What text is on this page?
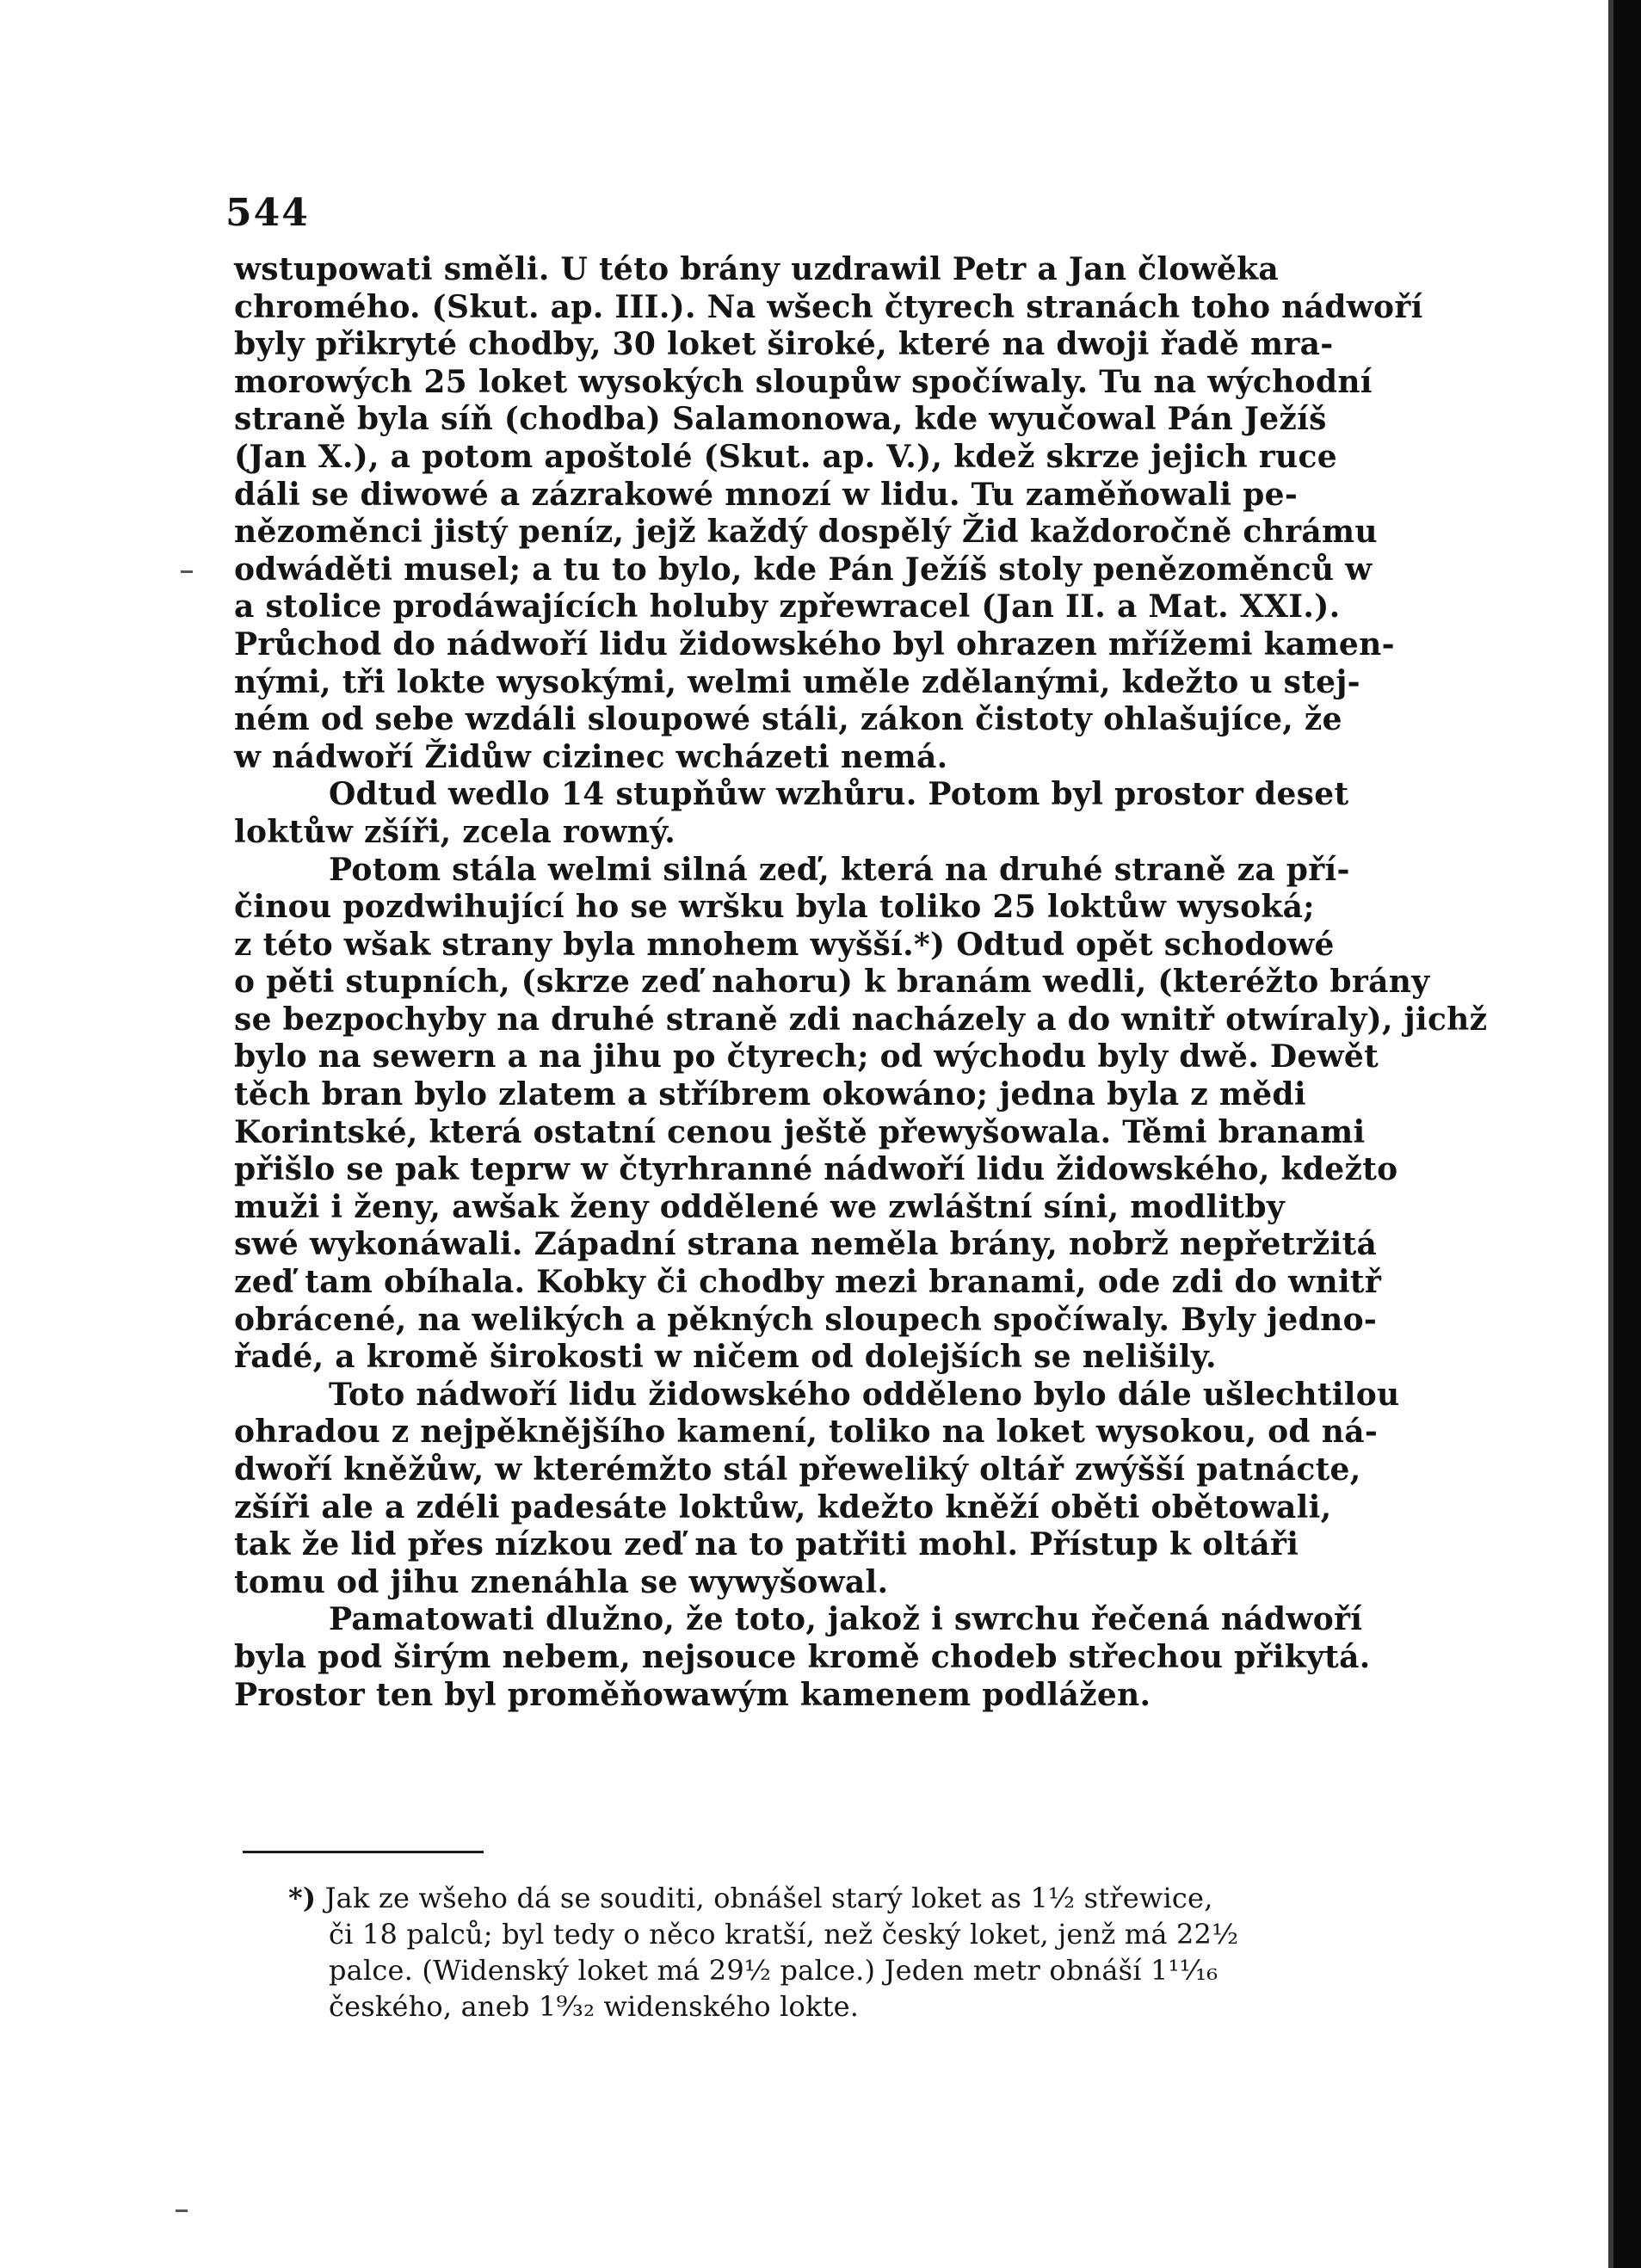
544
wstupowati směli. U této brány uzdrawil Petr a Jan člowěka
chromého. (Skut. ap. III.). Na wšech čtyrech stranách toho nádwoří
byly přikryté chodby, 30 loket široké, které na dwoji řadě mra-
morowých 25 loket wysokých sloupůw spočíwaly. Tu na wýchodní
straně byla síň (chodba) Salamonowa, kde wyučowal Pán Ježíš
(Jan X.), a potom apoštolé (Skut. ap. V.), kdež skrze jejich ruce
dáli se diwowé a zázrakowé mnozí w lidu. Tu zaměňowali pe-
nězoměnci jistý peníz, jejž každý dospělý Žid každoročně chrámu
odwáděti musel; a tu to bylo, kde Pán Ježíš stoly penězoměnců w
a stolice prodáwajících holuby zpřewracel (Jan II. a Mat. XXI.).
Průchod do nádwoří lidu židowského byl ohrazen mřížemi kamen-
nými, tři lokte wysokými, welmi uměle zdělanými, kdežto u stej-
ném od sebe wzdáli sloupowé stáli, zákon čistoty ohlašujíce, že
w nádwoří Židůw cizinec wcházeti nemá.
Odtud wedlo 14 stupňůw wzhůru. Potom byl prostor deset
loktůw zšíři, zcela rowný.
Potom stála welmi silná zeď, která na druhé straně za pří-
činou pozdwihující ho se wršku byla toliko 25 loktůw wysoká;
z této wšak strany byla mnohem wyšší.*) Odtud opět schodowé
o pěti stupních, (skrze zeď nahoru) k branám wedli, (kteréžto brány
se bezpochyby na druhé straně zdi nacházely a do wnitř otwíraly), jichž
bylo na sewern a na jihu po čtyrech; od wýchodu byly dwě. Dewět
těch bran bylo zlatem a stříbrem okowáno; jedna byla z mědi
Korintské, která ostatní cenou ještě přewyšowala. Těmi branami
přišlo se pak teprw w čtyrhranné nádwoří lidu židowského, kdežto
muži i ženy, awšak ženy oddělené we zwláštní síni, modlitby
swé wykonáwali. Západní strana neměla brány, nobrž nepřetržitá
zeď tam obíhala. Kobky či chodby mezi branami, ode zdi do wnitř
obrácené, na welikých a pěkných sloupech spočíwaly. Byly jedno-
řadé, a kromě širokosti w ničem od dolejších se nelišily.
Toto nádwoří lidu židowského odděleno bylo dále ušlechtilou
ohradou z nejpěknějšího kamení, toliko na loket wysokou, od ná-
dwoří kněžůw, w kterémžto stál přeweliký oltář zwýšší patnácte,
zšíři ale a zdéli padesáte loktůw, kdežto kněží oběti obětowali,
tak že lid přes nízkou zeď na to patřiti mohl. Přístup k oltáři
tomu od jihu znenáhla se wywyšowal.
Pamatowati dlužno, že toto, jakož i swrchu řečená nádwoří
byla pod širým nebem, nejsouce kromě chodeb střechou přikytá.
Prostor ten byl proměňowawým kamenem podlážen.
*) Jak ze wšeho dá se souditi, obnášel starý loket as 1½ střewice,
či 18 palců; byl tedy o něco kratší, než český loket, jenž má 22½
palce. (Widenský loket má 29½ palce.) Jeden metr obnáší 1¹¹⁄₁₆
českého, aneb 1⁹⁄₃₂ widenského lokte.
